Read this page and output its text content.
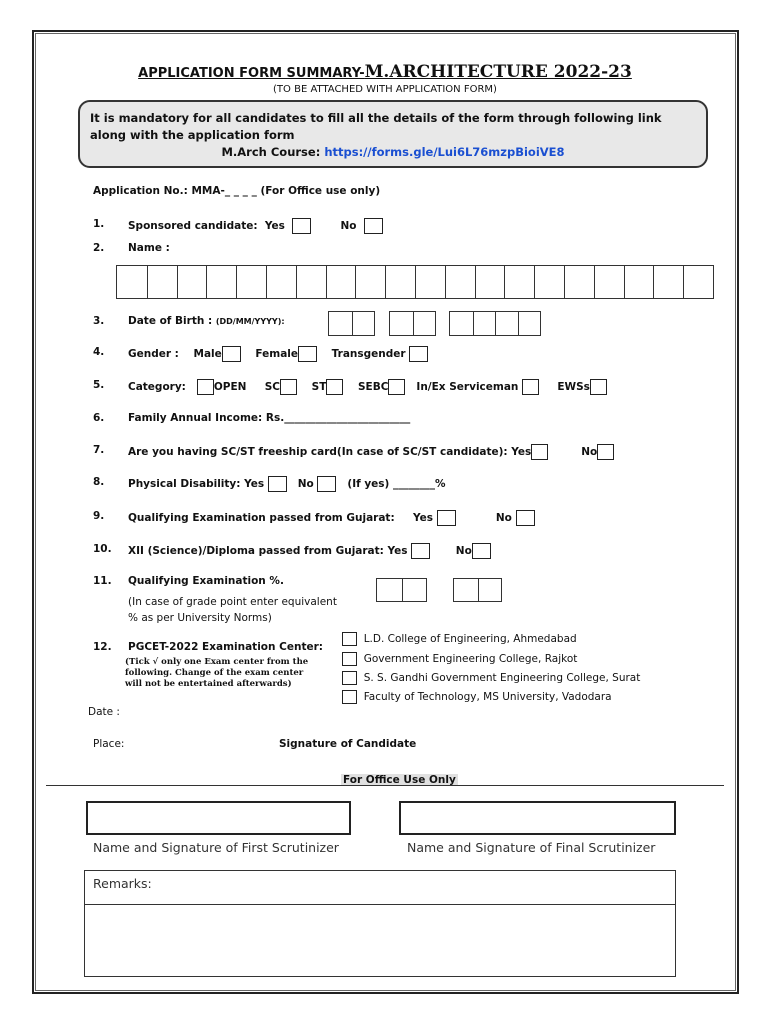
APPLICATION FORM SUMMARY-M.ARCHITECTURE 2022-23
(TO BE ATTACHED WITH APPLICATION FORM)
It is mandatory for all candidates to fill all the details of the form through following link along with the application form
M.Arch Course: https://forms.gle/Lui6L76mzpBioiVE8
Application No.: MMA-_ _ _ _ (For Office use only)
1. Sponsored candidate: Yes	No
2. Name :
3. Date of Birth : (DD/MM/YYYY):
4. Gender : Male	Female	Transgender
5. Category:	OPEN SC	ST	SEBC	In/Ex Serviceman	EWSs
6. Family Annual Income: Rs.________________________
7. Are you having SC/ST freeship card(In case of SC/ST candidate): Yes	No
8. Physical Disability: Yes	No	(If yes) ________%
9. Qualifying Examination passed from Gujarat: Yes	No
10. XII (Science)/Diploma passed from Gujarat: Yes	No
11. Qualifying Examination %.
(In case of grade point enter equivalent
% as per University Norms)
12. PGCET-2022 Examination Center:
(Tick √ only one Exam center from the
following. Change of the exam center
will not be entertained afterwards)
L.D. College of Engineering, Ahmedabad
Government Engineering College, Rajkot
S. S. Gandhi Government Engineering College, Surat
Faculty of Technology, MS University, Vadodara
Date :
Place:	Signature of Candidate
For Office Use Only
Name and Signature of First Scrutinizer	Name and Signature of Final Scrutinizer
Remarks:
